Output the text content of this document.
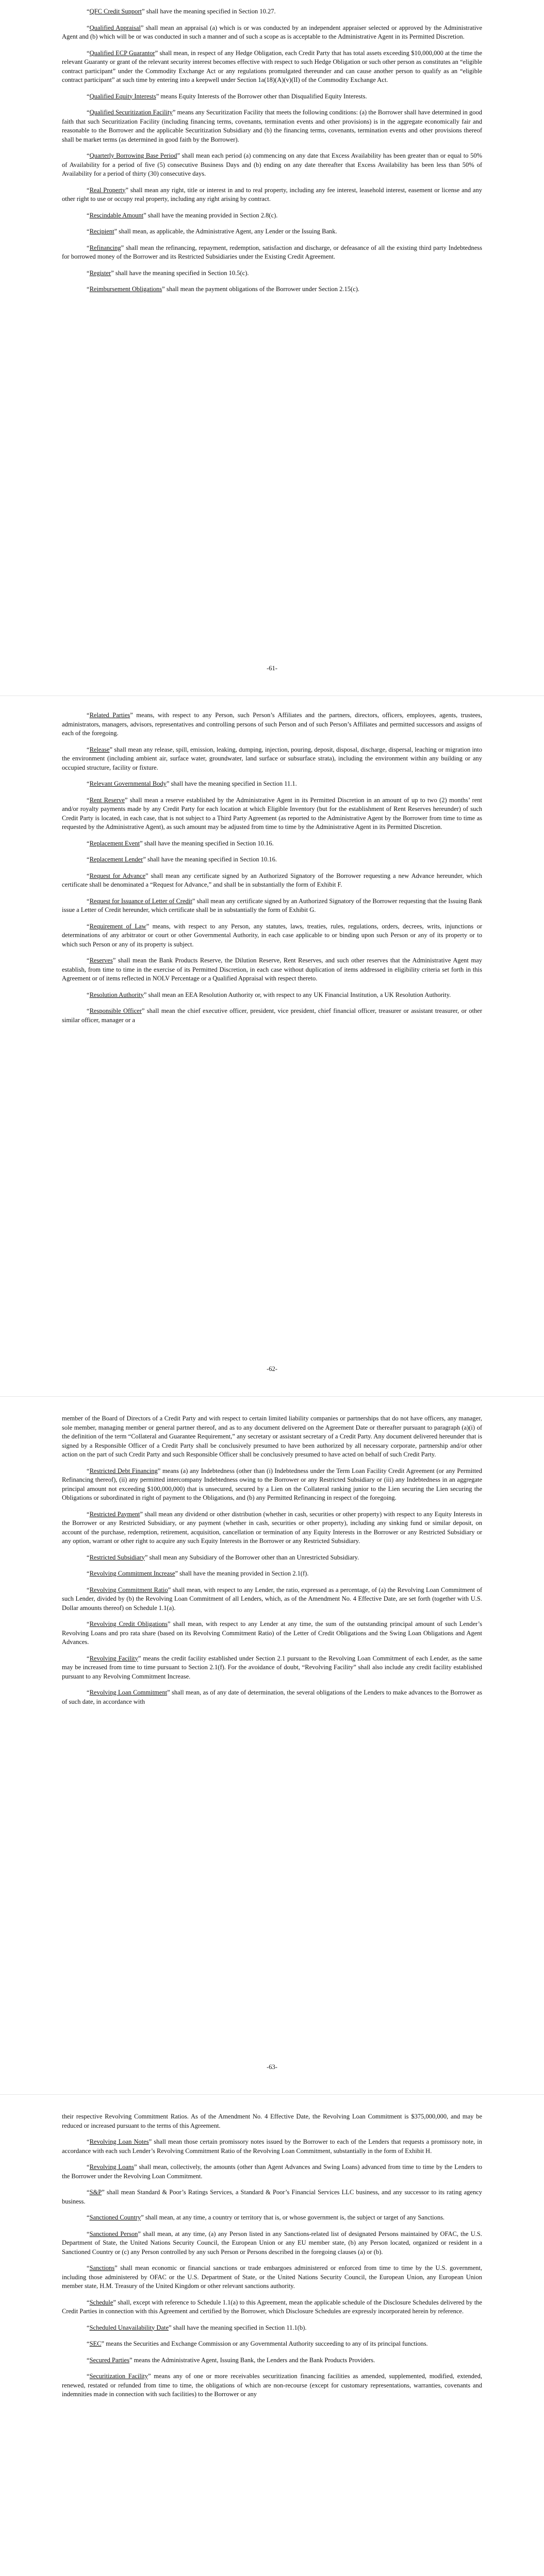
“QFC Credit Support” shall have the meaning specified in Section 10.27.

“Qualified Appraisal” shall mean an appraisal (a) which is or was conducted by an independent appraiser selected or approved by the Administrative Agent and (b) which will be or was conducted in such a manner and of such a scope as is acceptable to the Administrative Agent in its Permitted Discretion.

“Qualified ECP Guarantor” shall mean, in respect of any Hedge Obligation, each Credit Party that has total assets exceeding $10,000,000 at the time the relevant Guaranty or grant of the relevant security interest becomes effective with respect to such Hedge Obligation or such other person as constitutes an “eligible contract participant” under the Commodity Exchange Act or any regulations promulgated thereunder and can cause another person to qualify as an “eligible contract participant” at such time by entering into a keepwell under Section 1a(18)(A)(v)(II) of the Commodity Exchange Act.

“Qualified Equity Interests” means Equity Interests of the Borrower other than Disqualified Equity Interests.

“Qualified Securitization Facility” means any Securitization Facility that meets the following conditions: (a) the Borrower shall have determined in good faith that such Securitization Facility (including financing terms, covenants, termination events and other provisions) is in the aggregate economically fair and reasonable to the Borrower and the applicable Securitization Subsidiary and (b) the financing terms, covenants, termination events and other provisions thereof shall be market terms (as determined in good faith by the Borrower).

“Quarterly Borrowing Base Period” shall mean each period (a) commencing on any date that Excess Availability has been greater than or equal to 50% of Availability for a period of five (5) consecutive Business Days and (b) ending on any date thereafter that Excess Availability has been less than 50% of Availability for a period of thirty (30) consecutive days.

“Real Property” shall mean any right, title or interest in and to real property, including any fee interest, leasehold interest, easement or license and any other right to use or occupy real property, including any right arising by contract.

“Rescindable Amount” shall have the meaning provided in Section 2.8(c).

“Recipient” shall mean, as applicable, the Administrative Agent, any Lender or the Issuing Bank.

“Refinancing” shall mean the refinancing, repayment, redemption, satisfaction and discharge, or defeasance of all the existing third party Indebtedness for borrowed money of the Borrower and its Restricted Subsidiaries under the Existing Credit Agreement.

“Register” shall have the meaning specified in Section 10.5(c).

“Reimbursement Obligations” shall mean the payment obligations of the Borrower under Section 2.15(c).

-61-

“Related Parties” means, with respect to any Person, such Person’s Affiliates and the partners, directors, officers, employees, agents, trustees, administrators, managers, advisors, representatives and controlling persons of such Person and of such Person’s Affiliates and permitted successors and assigns of each of the foregoing.

“Release” shall mean any release, spill, emission, leaking, dumping, injection, pouring, deposit, disposal, discharge, dispersal, leaching or migration into the environment (including ambient air, surface water, groundwater, land surface or subsurface strata), including the environment within any building or any occupied structure, facility or fixture.

“Relevant Governmental Body” shall have the meaning specified in Section 11.1.

“Rent Reserve” shall mean a reserve established by the Administrative Agent in its Permitted Discretion in an amount of up to two (2) months’ rent and/or royalty payments made by any Credit Party for each location at which Eligible Inventory (but for the establishment of Rent Reserves hereunder) of such Credit Party is located, in each case, that is not subject to a Third Party Agreement (as reported to the Administrative Agent by the Borrower from time to time as requested by the Administrative Agent), as such amount may be adjusted from time to time by the Administrative Agent in its Permitted Discretion.

“Replacement Event” shall have the meaning specified in Section 10.16.

“Replacement Lender” shall have the meaning specified in Section 10.16.

“Request for Advance” shall mean any certificate signed by an Authorized Signatory of the Borrower requesting a new Advance hereunder, which certificate shall be denominated a “Request for Advance,” and shall be in substantially the form of Exhibit F.

“Request for Issuance of Letter of Credit” shall mean any certificate signed by an Authorized Signatory of the Borrower requesting that the Issuing Bank issue a Letter of Credit hereunder, which certificate shall be in substantially the form of Exhibit G.

“Requirement of Law” means, with respect to any Person, any statutes, laws, treaties, rules, regulations, orders, decrees, writs, injunctions or determinations of any arbitrator or court or other Governmental Authority, in each case applicable to or binding upon such Person or any of its property or to which such Person or any of its property is subject.

“Reserves” shall mean the Bank Products Reserve, the Dilution Reserve, Rent Reserves, and such other reserves that the Administrative Agent may establish, from time to time in the exercise of its Permitted Discretion, in each case without duplication of items addressed in eligibility criteria set forth in this Agreement or of items reflected in NOLV Percentage or a Qualified Appraisal with respect thereto.

“Resolution Authority” shall mean an EEA Resolution Authority or, with respect to any UK Financial Institution, a UK Resolution Authority.

“Responsible Officer” shall mean the chief executive officer, president, vice president, chief financial officer, treasurer or assistant treasurer, or other similar officer, manager or a

-62-

member of the Board of Directors of a Credit Party and with respect to certain limited liability companies or partnerships that do not have officers, any manager, sole member, managing member or general partner thereof, and as to any document delivered on the Agreement Date or thereafter pursuant to paragraph (a)(i) of the definition of the term “Collateral and Guarantee Requirement,” any secretary or assistant secretary of a Credit Party. Any document delivered hereunder that is signed by a Responsible Officer of a Credit Party shall be conclusively presumed to have been authorized by all necessary corporate, partnership and/or other action on the part of such Credit Party and such Responsible Officer shall be conclusively presumed to have acted on behalf of such Credit Party.

“Restricted Debt Financing” means (a) any Indebtedness (other than (i) Indebtedness under the Term Loan Facility Credit Agreement (or any Permitted Refinancing thereof), (ii) any permitted intercompany Indebtedness owing to the Borrower or any Restricted Subsidiary or (iii) any Indebtedness in an aggregate principal amount not exceeding $100,000,000) that is unsecured, secured by a Lien on the Collateral ranking junior to the Lien securing the Lien securing the Obligations or subordinated in right of payment to the Obligations, and (b) any Permitted Refinancing in respect of the foregoing.

“Restricted Payment” shall mean any dividend or other distribution (whether in cash, securities or other property) with respect to any Equity Interests in the Borrower or any Restricted Subsidiary, or any payment (whether in cash, securities or other property), including any sinking fund or similar deposit, on account of the purchase, redemption, retirement, acquisition, cancellation or termination of any Equity Interests in the Borrower or any Restricted Subsidiary or any option, warrant or other right to acquire any such Equity Interests in the Borrower or any Restricted Subsidiary.

“Restricted Subsidiary” shall mean any Subsidiary of the Borrower other than an Unrestricted Subsidiary.

“Revolving Commitment Increase” shall have the meaning provided in Section 2.1(f).

“Revolving Commitment Ratio” shall mean, with respect to any Lender, the ratio, expressed as a percentage, of (a) the Revolving Loan Commitment of such Lender, divided by (b) the Revolving Loan Commitment of all Lenders, which, as of the Amendment No. 4 Effective Date, are set forth (together with U.S. Dollar amounts thereof) on Schedule 1.1(a).

“Revolving Credit Obligations” shall mean, with respect to any Lender at any time, the sum of the outstanding principal amount of such Lender’s Revolving Loans and pro rata share (based on its Revolving Commitment Ratio) of the Letter of Credit Obligations and the Swing Loan Obligations and Agent Advances.

“Revolving Facility” means the credit facility established under Section 2.1 pursuant to the Revolving Loan Commitment of each Lender, as the same may be increased from time to time pursuant to Section 2.1(f). For the avoidance of doubt, “Revolving Facility” shall also include any credit facility established pursuant to any Revolving Commitment Increase.

“Revolving Loan Commitment” shall mean, as of any date of determination, the several obligations of the Lenders to make advances to the Borrower as of such date, in accordance with

-63-

their respective Revolving Commitment Ratios. As of the Amendment No. 4 Effective Date, the Revolving Loan Commitment is $375,000,000, and may be reduced or increased pursuant to the terms of this Agreement.

“Revolving Loan Notes” shall mean those certain promissory notes issued by the Borrower to each of the Lenders that requests a promissory note, in accordance with each such Lender’s Revolving Commitment Ratio of the Revolving Loan Commitment, substantially in the form of Exhibit H.

“Revolving Loans” shall mean, collectively, the amounts (other than Agent Advances and Swing Loans) advanced from time to time by the Lenders to the Borrower under the Revolving Loan Commitment.

“S&P” shall mean Standard & Poor’s Ratings Services, a Standard & Poor’s Financial Services LLC business, and any successor to its rating agency business.

“Sanctioned Country” shall mean, at any time, a country or territory that is, or whose government is, the subject or target of any Sanctions.

“Sanctioned Person” shall mean, at any time, (a) any Person listed in any Sanctions-related list of designated Persons maintained by OFAC, the U.S. Department of State, the United Nations Security Council, the European Union or any EU member state, (b) any Person located, organized or resident in a Sanctioned Country or (c) any Person controlled by any such Person or Persons described in the foregoing clauses (a) or (b).

“Sanctions” shall mean economic or financial sanctions or trade embargoes administered or enforced from time to time by the U.S. government, including those administered by OFAC or the U.S. Department of State, or the United Nations Security Council, the European Union, any European Union member state, H.M. Treasury of the United Kingdom or other relevant sanctions authority.

“Schedule” shall, except with reference to Schedule 1.1(a) to this Agreement, mean the applicable schedule of the Disclosure Schedules delivered by the Credit Parties in connection with this Agreement and certified by the Borrower, which Disclosure Schedules are expressly incorporated herein by reference.

“Scheduled Unavailability Date” shall have the meaning specified in Section 11.1(b).

“SEC” means the Securities and Exchange Commission or any Governmental Authority succeeding to any of its principal functions.

“Secured Parties” means the Administrative Agent, Issuing Bank, the Lenders and the Bank Products Providers.

“Securitization Facility” means any of one or more receivables securitization financing facilities as amended, supplemented, modified, extended, renewed, restated or refunded from time to time, the obligations of which are non-recourse (except for customary representations, warranties, covenants and indemnities made in connection with such facilities) to the Borrower or any
